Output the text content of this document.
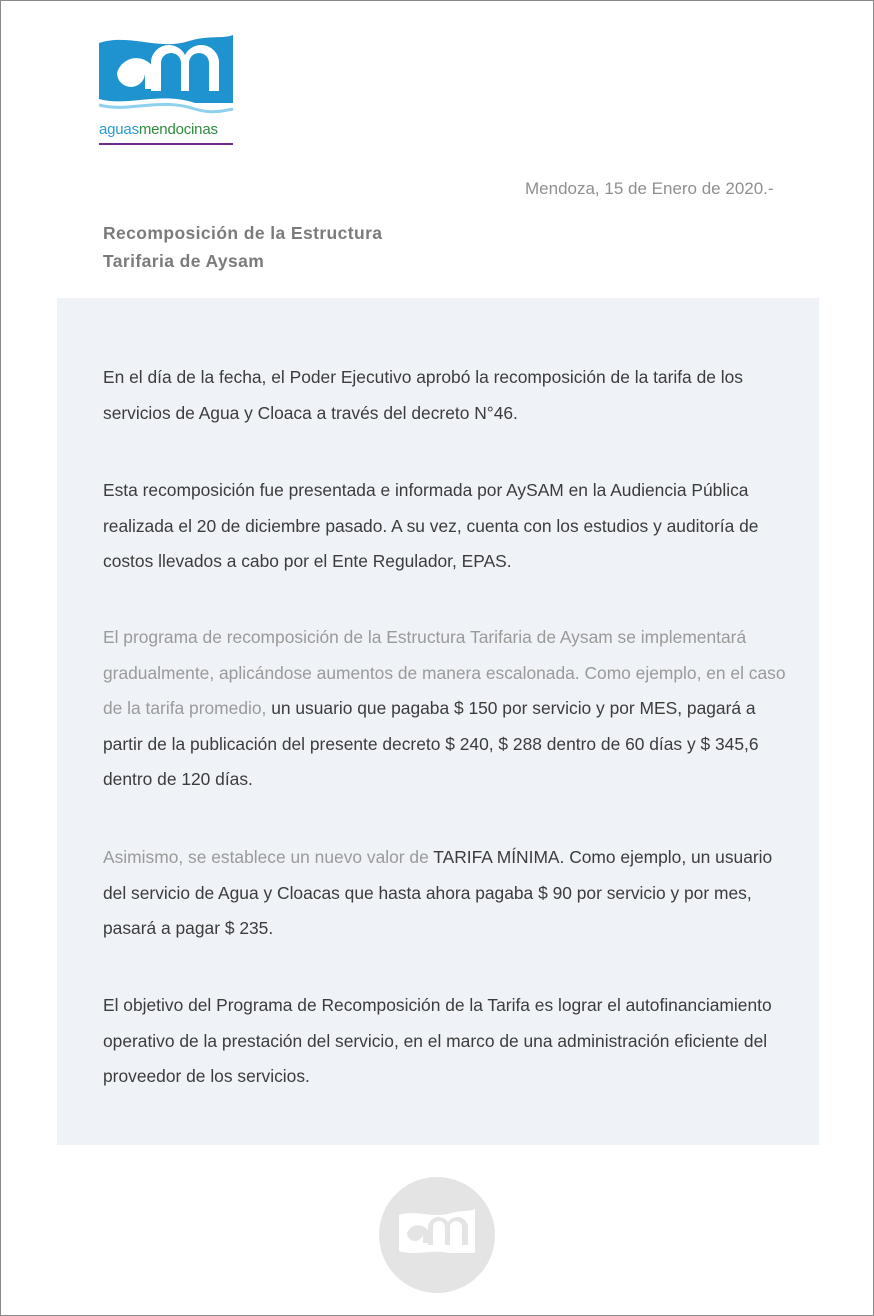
aguasmendocinas
Mendoza, 15 de Enero de 2020.-
Recomposición de la Estructura
Tarifaria de Aysam
En el día de la fecha, el Poder Ejecutivo aprobó la recomposición de la tarifa de los servicios de Agua y Cloaca a través del decreto N°46.
Esta recomposición fue presentada e informada por AySAM en la Audiencia Pública realizada el 20 de diciembre pasado. A su vez, cuenta con los estudios y auditoría de costos llevados a cabo por el Ente Regulador, EPAS.
El programa de recomposición de la Estructura Tarifaria de Aysam se implementará gradualmente, aplicándose aumentos de manera escalonada. Como ejemplo, en el caso de la tarifa promedio, un usuario que pagaba $ 150 por servicio y por MES, pagará a partir de la publicación del presente decreto $ 240, $ 288 dentro de 60 días y $ 345,6 dentro de 120 días.
Asimismo, se establece un nuevo valor de TARIFA MÍNIMA. Como ejemplo, un usuario del servicio de Agua y Cloacas que hasta ahora pagaba $ 90 por servicio y por mes, pasará a pagar $ 235.
El objetivo del Programa de Recomposición de la Tarifa es lograr el autofinanciamiento operativo de la prestación del servicio, en el marco de una administración eficiente del proveedor de los servicios.
